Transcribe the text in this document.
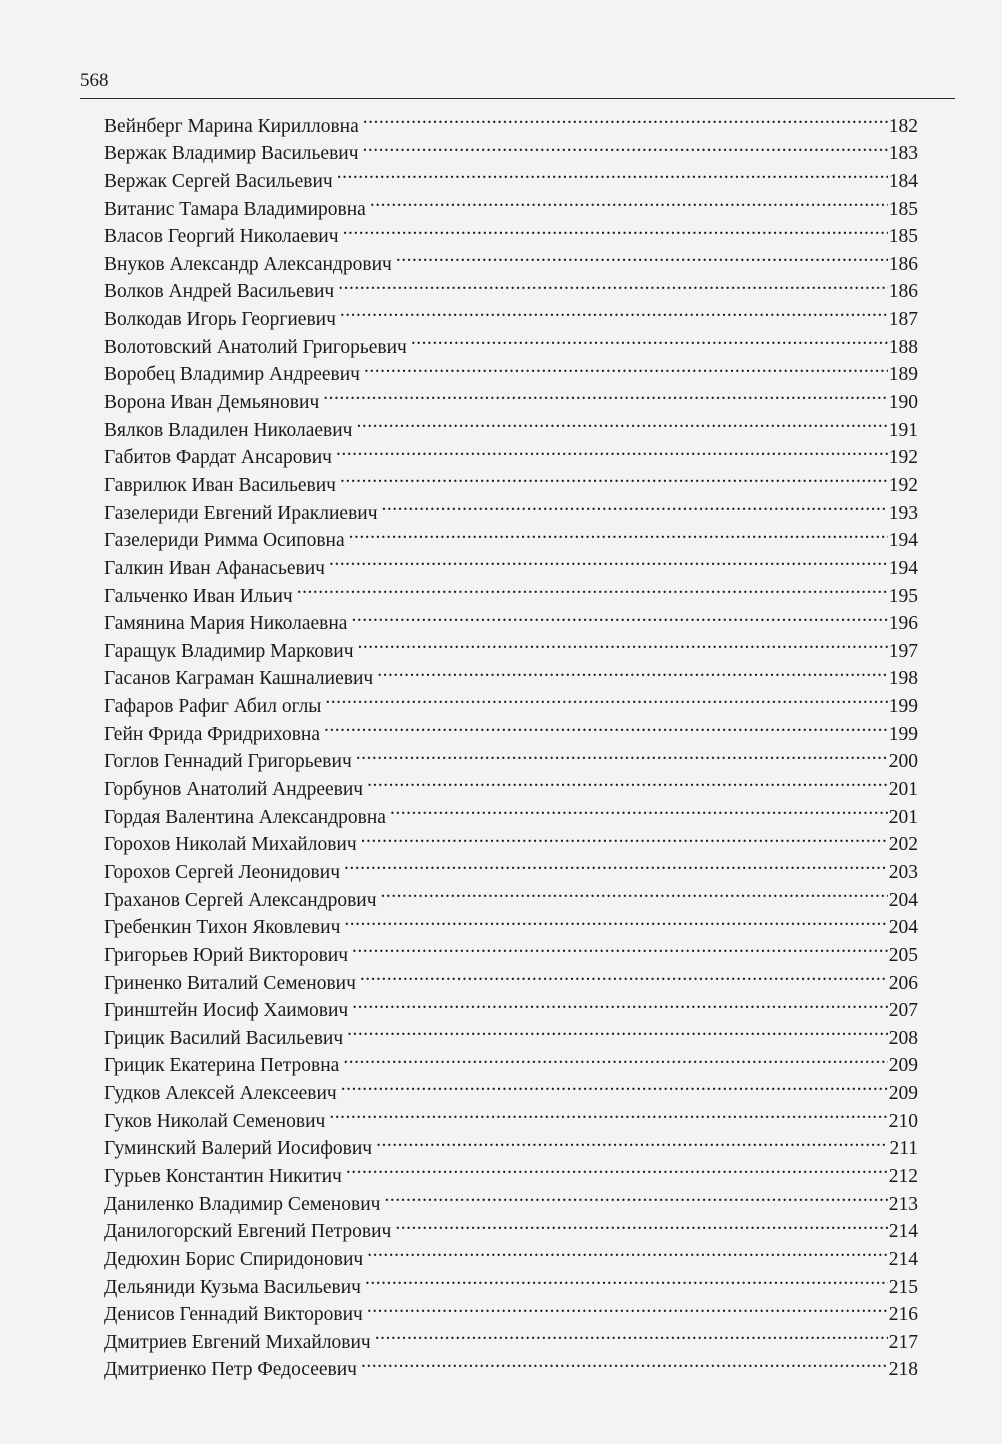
568
Вейнберг Марина Кирилловна .....	182
Вержак Владимир Васильевич .....	183
Вержак Сергей Васильевич .....	184
Витанис Тамара Владимировна .....	185
Власов Георгий Николаевич .....	185
Внуков Александр Александрович .....	186
Волков Андрей Васильевич .....	186
Волкодав Игорь Георгиевич .....	187
Волотовский Анатолий Григорьевич .....	188
Воробец Владимир Андреевич .....	189
Ворона Иван Демьянович .....	190
Вялков Владилен Николаевич .....	191
Габитов Фардат Ансарович .....	192
Гаврилюк Иван Васильевич .....	192
Газелериди Евгений Ираклиевич .....	193
Газелериди Римма Осиповна .....	194
Галкин Иван Афанасьевич .....	194
Гальченко Иван Ильич .....	195
Гамянина Мария Николаевна .....	196
Гаращук Владимир Маркович .....	197
Гасанов Каграман Кашналиевич .....	198
Гафаров Рафиг Абил оглы .....	199
Гейн Фрида Фридриховна .....	199
Гоглов Геннадий Григорьевич .....	200
Горбунов Анатолий Андреевич .....	201
Гордая Валентина Александровна .....	201
Горохов Николай Михайлович .....	202
Горохов Сергей Леонидович .....	203
Граханов Сергей Александрович .....	204
Гребенкин Тихон Яковлевич .....	204
Григорьев Юрий Викторович .....	205
Гриненко Виталий Семенович .....	206
Гринштейн Иосиф Хаимович .....	207
Грицик Василий Васильевич .....	208
Грицик Екатерина Петровна .....	209
Гудков Алексей Алексеевич .....	209
Гуков Николай Семенович .....	210
Гуминский Валерий Иосифович .....	211
Гурьев Константин Никитич .....	212
Даниленко Владимир Семенович .....	213
Данилогорский Евгений Петрович .....	214
Дедюхин Борис Спиридонович .....	214
Дельяниди Кузьма Васильевич .....	215
Денисов Геннадий Викторович .....	216
Дмитриев Евгений Михайлович .....	217
Дмитриенко Петр Федосеевич .....	218
